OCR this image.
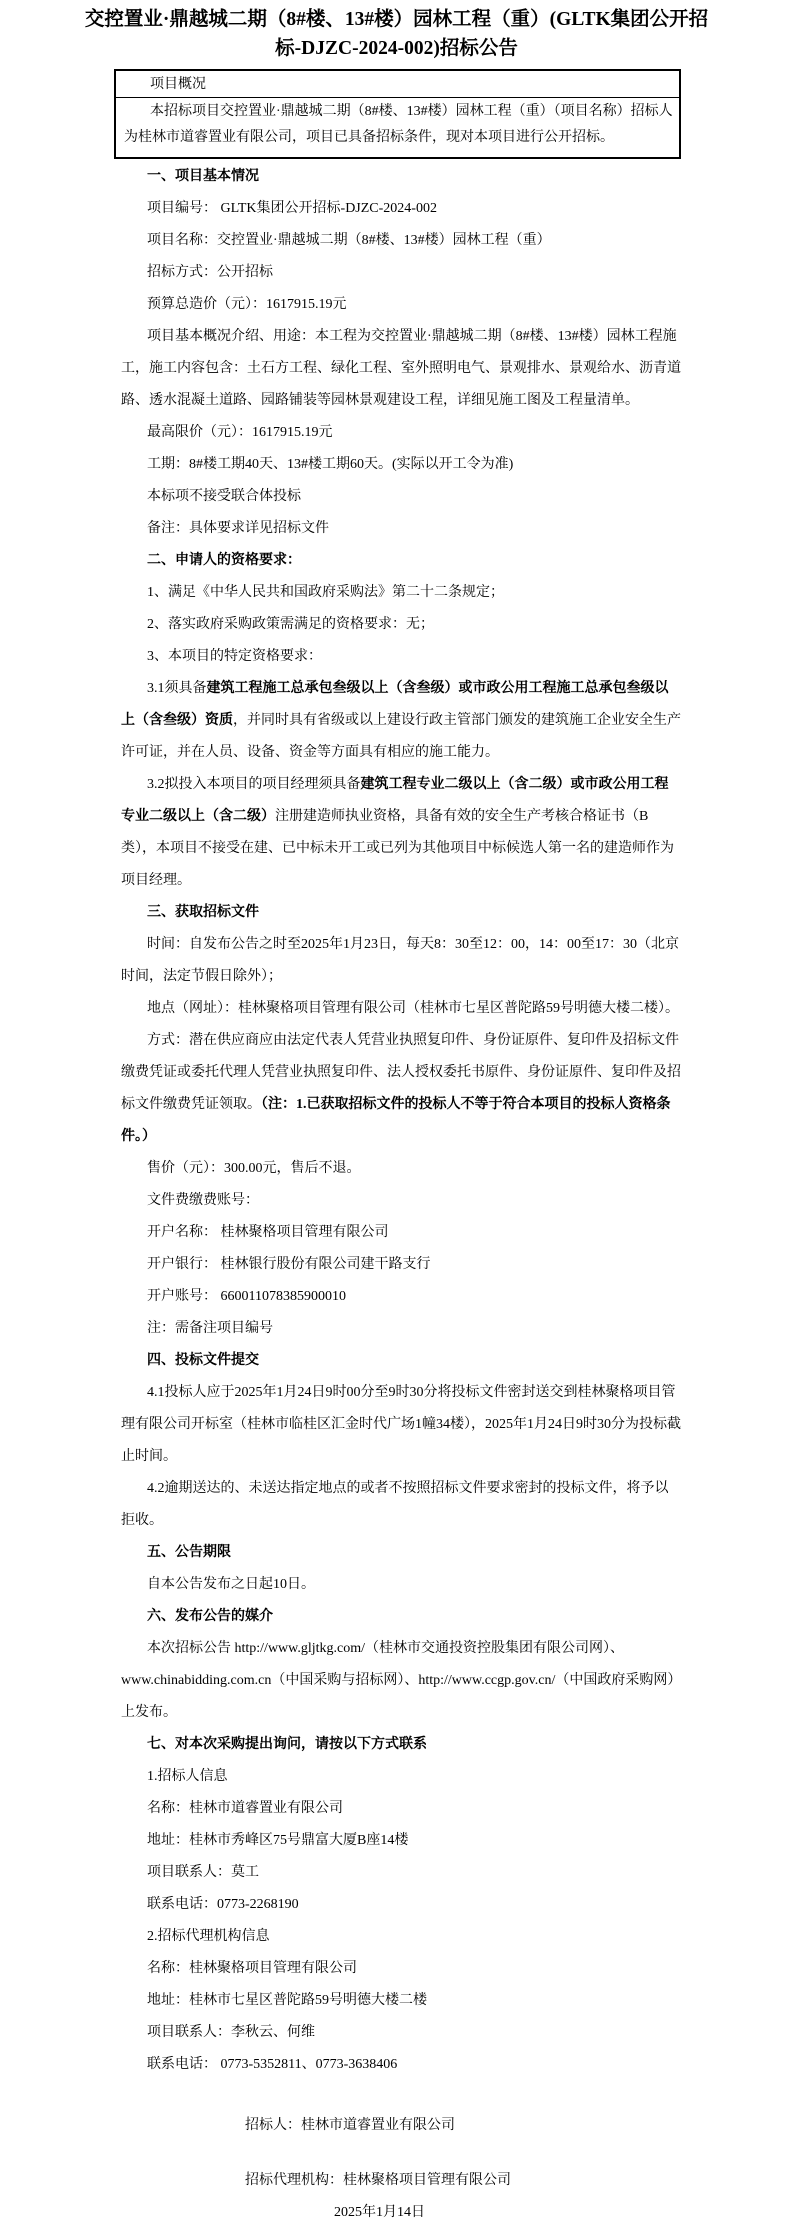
交控置业·鼎越城二期（8#楼、13#楼）园林工程（重）(GLTK集团公开招标-DJZC-2024-002)招标公告
项目概况
本招标项目交控置业·鼎越城二期（8#楼、13#楼）园林工程（重）（项目名称）招标人为桂林市道睿置业有限公司，项目已具备招标条件，现对本项目进行公开招标。

一、项目基本情况

项目编号： GLTK集团公开招标-DJZC-2024-002

项目名称：交控置业·鼎越城二期（8#楼、13#楼）园林工程（重）

招标方式：公开招标

预算总造价（元）：1617915.19元

项目基本概况介绍、用途：本工程为交控置业·鼎越城二期（8#楼、13#楼）园林工程施工，施工内容包含：土石方工程、绿化工程、室外照明电气、景观排水、景观给水、沥青道路、透水混凝土道路、园路铺装等园林景观建设工程，详细见施工图及工程量清单。

最高限价（元）：1617915.19元

工期：8#楼工期40天、13#楼工期60天。(实际以开工令为准)

本标项不接受联合体投标

备注：具体要求详见招标文件

二、申请人的资格要求：

1、满足《中华人民共和国政府采购法》第二十二条规定；

2、落实政府采购政策需满足的资格要求：无；

3、本项目的特定资格要求：

3.1须具备建筑工程施工总承包叁级以上（含叁级）或市政公用工程施工总承包叁级以上（含叁级）资质，并同时具有省级或以上建设行政主管部门颁发的建筑施工企业安全生产许可证，并在人员、设备、资金等方面具有相应的施工能力。

3.2拟投入本项目的项目经理须具备建筑工程专业二级以上（含二级）或市政公用工程专业二级以上（含二级）注册建造师执业资格，具备有效的安全生产考核合格证书（B类），本项目不接受在建、已中标未开工或已列为其他项目中标候选人第一名的建造师作为项目经理。

三、获取招标文件

时间：自发布公告之时至2025年1月23日，每天8：30至12：00，14：00至17：30（北京时间，法定节假日除外）；

地点（网址）：桂林聚格项目管理有限公司（桂林市七星区普陀路59号明德大楼二楼）。

方式：潜在供应商应由法定代表人凭营业执照复印件、身份证原件、复印件及招标文件缴费凭证或委托代理人凭营业执照复印件、法人授权委托书原件、身份证原件、复印件及招标文件缴费凭证领取。（注：1.已获取招标文件的投标人不等于符合本项目的投标人资格条件。）

售价（元）：300.00元，售后不退。

文件费缴费账号：

开户名称： 桂林聚格项目管理有限公司

开户银行： 桂林银行股份有限公司建干路支行

开户账号： 660011078385900010

注：需备注项目编号

四、投标文件提交

4.1投标人应于2025年1月24日9时00分至9时30分将投标文件密封送交到桂林聚格项目管理有限公司开标室（桂林市临桂区汇金时代广场1幢34楼），2025年1月24日9时30分为投标截止时间。

4.2逾期送达的、未送达指定地点的或者不按照招标文件要求密封的投标文件，将予以拒收。

五、公告期限

自本公告发布之日起10日。

六、发布公告的媒介

本次招标公告 http://www.gljtkg.com/（桂林市交通投资控股集团有限公司网）、www.chinabidding.com.cn（中国采购与招标网）、http://www.ccgp.gov.cn/（中国政府采购网）上发布。

七、对本次采购提出询问，请按以下方式联系

1.招标人信息

名称：桂林市道睿置业有限公司

地址：桂林市秀峰区75号鼎富大厦B座14楼

项目联系人：莫工

联系电话：0773-2268190

2.招标代理机构信息

名称：桂林聚格项目管理有限公司

地址：桂林市七星区普陀路59号明德大楼二楼

项目联系人：李秋云、何维

联系电话： 0773-5352811、0773-3638406

招标人：桂林市道睿置业有限公司

招标代理机构：桂林聚格项目管理有限公司

2025年1月14日
